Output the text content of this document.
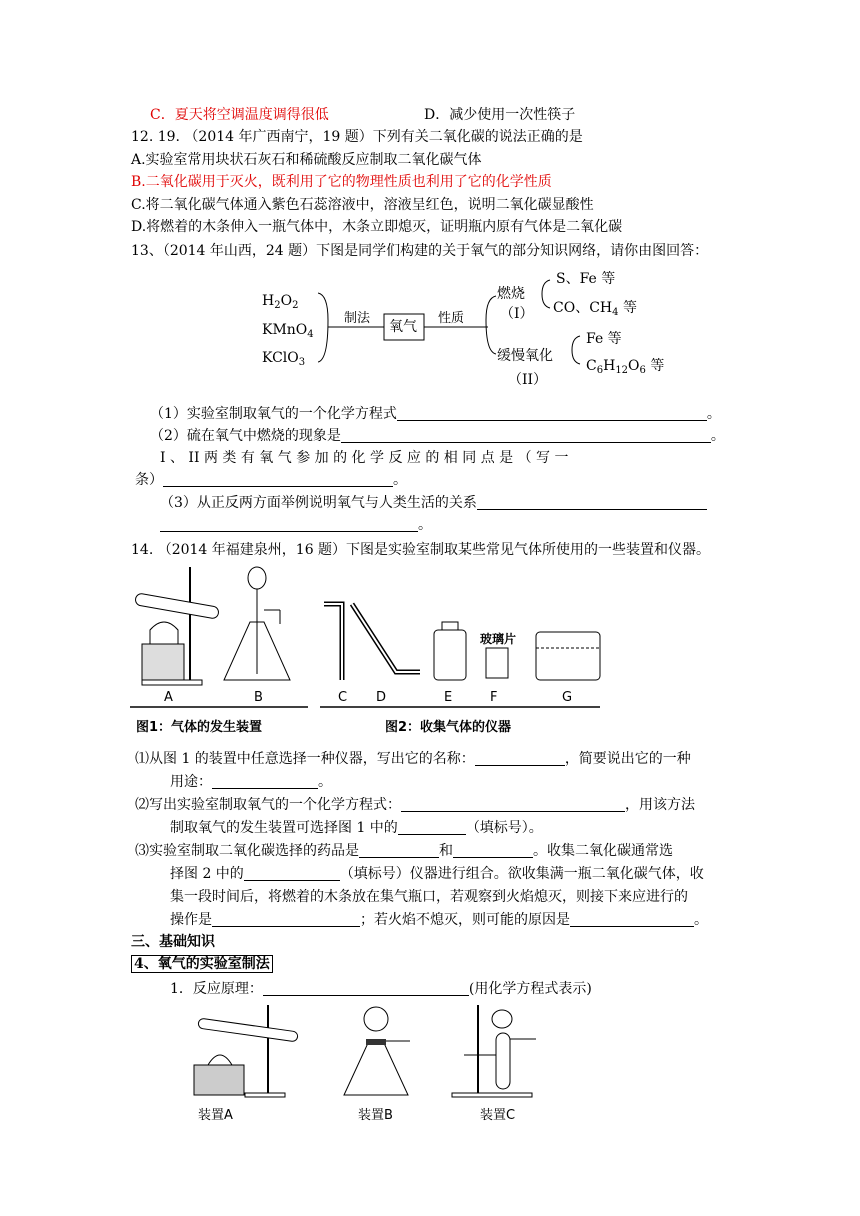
C．夏天将空调温度调得很低	D．减少使用一次性筷子
12. 19. （2014 年广西南宁，19 题）下列有关二氧化碳的说法正确的是
A.实验室常用块状石灰石和稀硫酸反应制取二氧化碳气体
B.二氧化碳用于灭火，既利用了它的物理性质也利用了它的化学性质
C.将二氧化碳气体通入紫色石蕊溶液中，溶液呈红色，说明二氧化碳显酸性
D.将燃着的木条伸入一瓶气体中，木条立即熄灭，证明瓶内原有气体是二氧化碳
13、（2014 年山西，24 题）下图是同学们构建的关于氧气的部分知识网络，请你由图回答：
$H_2O_2$
KMnO$_4$
KClO$_3$
制法
氧气
性质
燃烧
（I）
S、Fe 等
CO、$CH_4$ 等
缓慢氧化
（II）
Fe 等
$C_6H_{12}O_6$ 等
（1）实验室制取氧气的一个化学方程式	。
（2）硫在氧气中燃烧的现象是	。
I 、 II 两 类 有 氧 气 参 加 的 化 学 反 应 的 相 同 点 是 （ 写 一
条）	。
（3）从正反两方面举例说明氧气与人类生活的关系
。
14. （2014 年福建泉州，16 题）下图是实验室制取某些常见气体所使用的一些装置和仪器。
A	B	C D	E	F	G
玻璃片
图1：气体的发生装置	图2：收集气体的仪器
⑴从图 1 的装置中任意选择一种仪器，写出它的名称：	，简要说出它的一种
用途：	。
⑵写出实验室制取氧气的一个化学方程式：	，用该方法
制取氧气的发生装置可选择图 1 中的	（填标号）。
⑶实验室制取二氧化碳选择的药品是	和	。收集二氧化碳通常选
择图 2 中的	（填标号）仪器进行组合。欲收集满一瓶二氧化碳气体，收
集一段时间后，将燃着的木条放在集气瓶口，若观察到火焰熄灭，则接下来应进行的
操作是	；若火焰不熄灭，则可能的原因是	。
三、基础知识
4、氧气的实验室制法
1．反应原理：	(用化学方程式表示)
装置A	装置B	装置C
